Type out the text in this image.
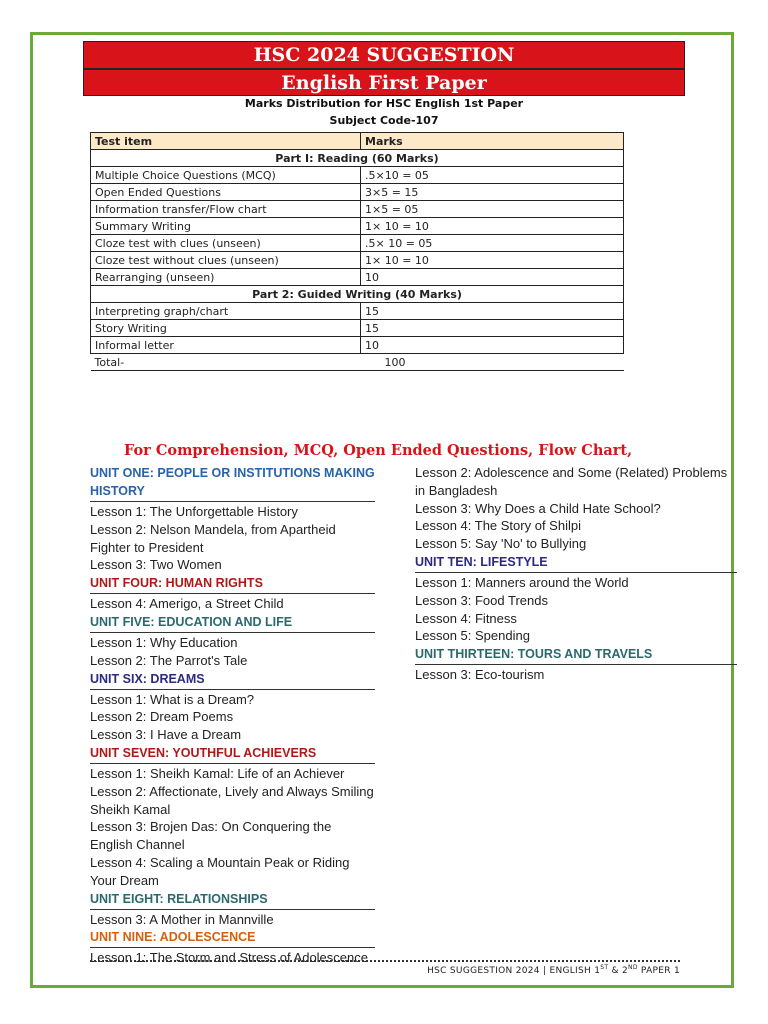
HSC 2024 SUGGESTION
English First Paper
Marks Distribution for HSC English 1st Paper
Subject Code-107
Test item	Marks
Part I: Reading (60 Marks)	
Multiple Choice Questions (MCQ)	.5×10 = 05
Open Ended Questions	3×5 = 15
Information transfer/Flow chart	1×5 = 05
Summary Writing	1× 10 = 10
Cloze test with clues (unseen)	.5× 10 = 05
Cloze test without clues (unseen)	1× 10 = 10
Rearranging (unseen)	10
Part 2: Guided Writing (40 Marks)	
Interpreting graph/chart	15
Story Writing	15
Informal letter	10
Total-	100
For Comprehension, MCQ, Open Ended Questions, Flow Chart,
UNIT ONE: PEOPLE OR INSTITUTIONS MAKING HISTORY
Lesson 1: The Unforgettable History
Lesson 2: Nelson Mandela, from Apartheid Fighter to President
Lesson 3: Two Women
UNIT FOUR: HUMAN RIGHTS
Lesson 4: Amerigo, a Street Child
UNIT FIVE: EDUCATION AND LIFE
Lesson 1: Why Education
Lesson 2: The Parrot's Tale
UNIT SIX: DREAMS
Lesson 1: What is a Dream?
Lesson 2: Dream Poems
Lesson 3: I Have a Dream
UNIT SEVEN: YOUTHFUL ACHIEVERS
Lesson 1: Sheikh Kamal: Life of an Achiever
Lesson 2: Affectionate, Lively and Always Smiling Sheikh Kamal
Lesson 3: Brojen Das: On Conquering the English Channel
Lesson 4: Scaling a Mountain Peak or Riding Your Dream
UNIT EIGHT: RELATIONSHIPS
Lesson 3: A Mother in Mannville
UNIT NINE: ADOLESCENCE
Lesson 1: The Storm and Stress of Adolescence
Lesson 2: Adolescence and Some (Related) Problems in Bangladesh
Lesson 3: Why Does a Child Hate School?
Lesson 4: The Story of Shilpi
Lesson 5: Say 'No' to Bullying
UNIT TEN: LIFESTYLE
Lesson 1: Manners around the World
Lesson 3: Food Trends
Lesson 4: Fitness
Lesson 5: Spending
UNIT THIRTEEN: TOURS AND TRAVELS
Lesson 3: Eco-tourism
HSC SUGGESTION 2024 | ENGLISH 1ST & 2ND PAPER 1
